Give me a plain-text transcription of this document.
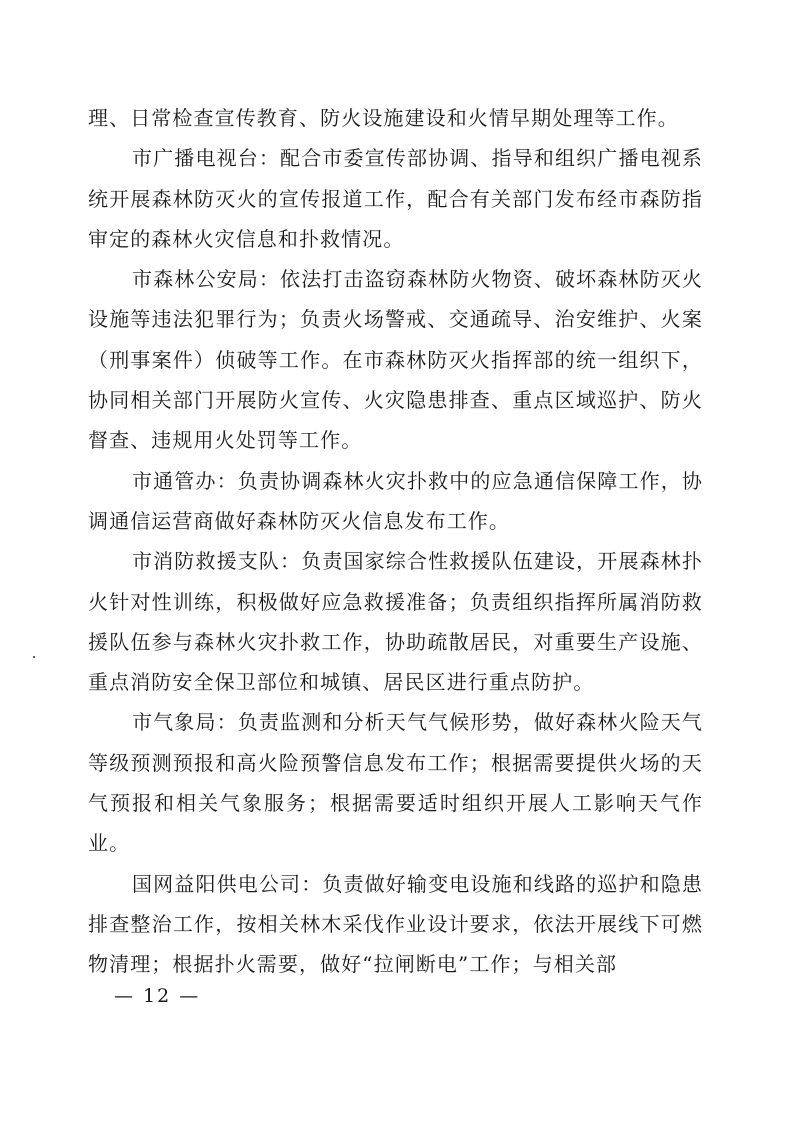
理、日常检查宣传教育、防火设施建设和火情早期处理等工作。

市广播电视台：配合市委宣传部协调、指导和组织广播电视系统开展森林防灭火的宣传报道工作，配合有关部门发布经市森防指审定的森林火灾信息和扑救情况。

市森林公安局：依法打击盗窃森林防火物资、破坏森林防灭火设施等违法犯罪行为；负责火场警戒、交通疏导、治安维护、火案（刑事案件）侦破等工作。在市森林防灭火指挥部的统一组织下，协同相关部门开展防火宣传、火灾隐患排查、重点区域巡护、防火督查、违规用火处罚等工作。

市通管办：负责协调森林火灾扑救中的应急通信保障工作，协调通信运营商做好森林防灭火信息发布工作。

市消防救援支队：负责国家综合性救援队伍建设，开展森林扑火针对性训练，积极做好应急救援准备；负责组织指挥所属消防救援队伍参与森林火灾扑救工作，协助疏散居民，对重要生产设施、重点消防安全保卫部位和城镇、居民区进行重点防护。

市气象局：负责监测和分析天气气候形势，做好森林火险天气等级预测预报和高火险预警信息发布工作；根据需要提供火场的天气预报和相关气象服务；根据需要适时组织开展人工影响天气作业。

国网益阳供电公司：负责做好输变电设施和线路的巡护和隐患排查整治工作，按相关林木采伐作业设计要求，依法开展线下可燃物清理；根据扑火需要，做好“拉闸断电”工作；与相关部

— 12 —
